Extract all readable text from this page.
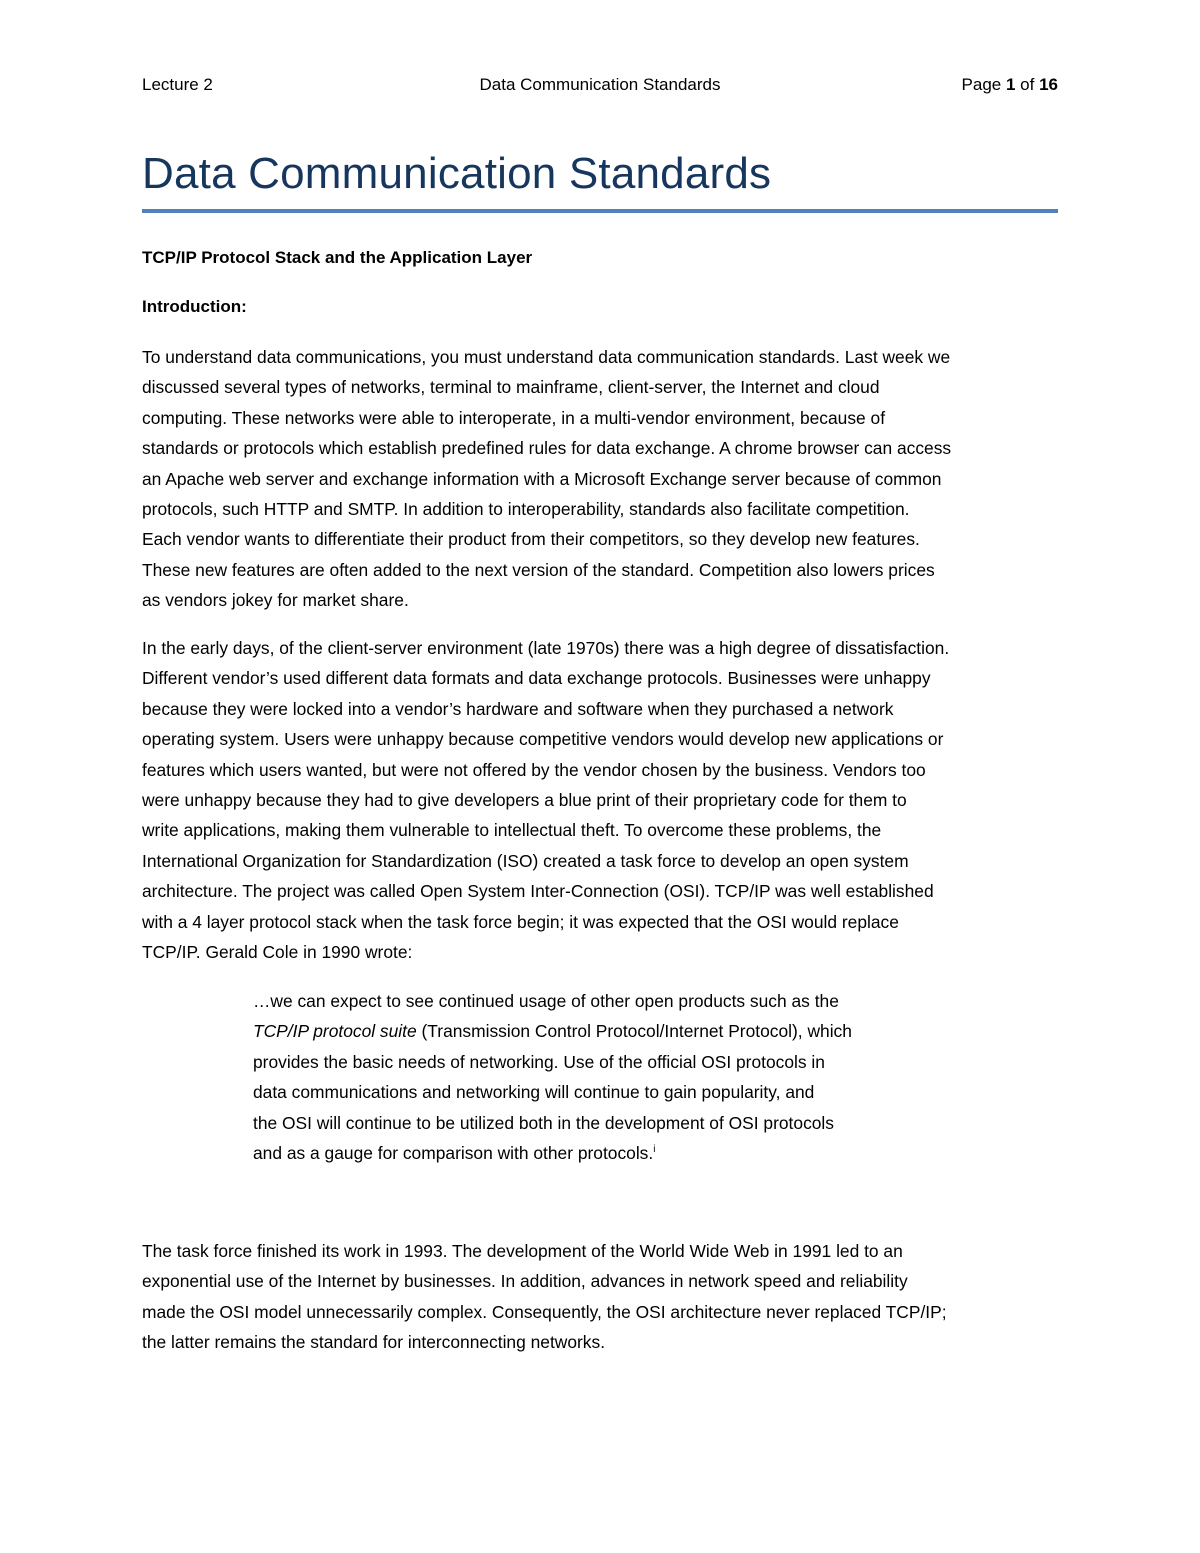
Lecture 2	Data Communication Standards	Page 1 of 16
Data Communication Standards
TCP/IP Protocol Stack and the Application Layer
Introduction:
To understand data communications, you must understand data communication standards. Last week we
discussed several types of networks, terminal to mainframe, client-server, the Internet and cloud
computing. These networks were able to interoperate, in a multi-vendor environment, because of
standards or protocols which establish predefined rules for data exchange. A chrome browser can access
an Apache web server and exchange information with a Microsoft Exchange server because of common
protocols, such HTTP and SMTP. In addition to interoperability, standards also facilitate competition.
Each vendor wants to differentiate their product from their competitors, so they develop new features.
These new features are often added to the next version of the standard. Competition also lowers prices
as vendors jokey for market share.
In the early days, of the client-server environment (late 1970s) there was a high degree of dissatisfaction.
Different vendor’s used different data formats and data exchange protocols. Businesses were unhappy
because they were locked into a vendor’s hardware and software when they purchased a network
operating system. Users were unhappy because competitive vendors would develop new applications or
features which users wanted, but were not offered by the vendor chosen by the business. Vendors too
were unhappy because they had to give developers a blue print of their proprietary code for them to
write applications, making them vulnerable to intellectual theft. To overcome these problems, the
International Organization for Standardization (ISO) created a task force to develop an open system
architecture. The project was called Open System Inter-Connection (OSI). TCP/IP was well established
with a 4 layer protocol stack when the task force begin; it was expected that the OSI would replace
TCP/IP. Gerald Cole in 1990 wrote:
…we can expect to see continued usage of other open products such as the
TCP/IP protocol suite (Transmission Control Protocol/Internet Protocol), which
provides the basic needs of networking. Use of the official OSI protocols in
data communications and networking will continue to gain popularity, and
the OSI will continue to be utilized both in the development of OSI protocols
and as a gauge for comparison with other protocols.$^i$
The task force finished its work in 1993. The development of the World Wide Web in 1991 led to an
exponential use of the Internet by businesses. In addition, advances in network speed and reliability
made the OSI model unnecessarily complex. Consequently, the OSI architecture never replaced TCP/IP;
the latter remains the standard for interconnecting networks.
